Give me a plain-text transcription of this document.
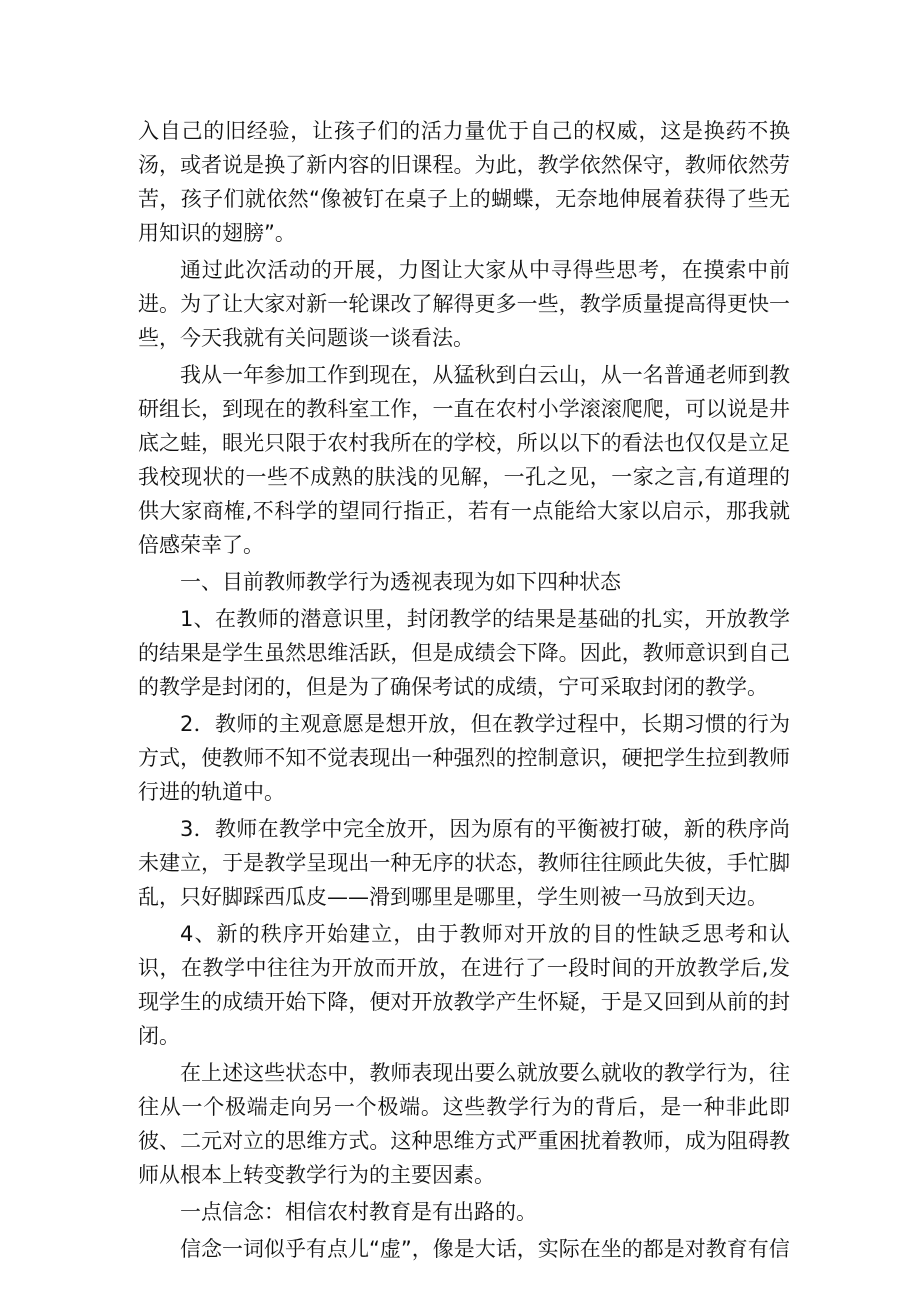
入自己的旧经验，让孩子们的活力量优于自己的权威，这是换药不换汤，或者说是换了新内容的旧课程。为此，教学依然保守，教师依然劳苦，孩子们就依然“像被钉在桌子上的蝴蝶，无奈地伸展着获得了些无用知识的翅膀”。

通过此次活动的开展，力图让大家从中寻得些思考，在摸索中前进。为了让大家对新一轮课改了解得更多一些，教学质量提高得更快一些，今天我就有关问题谈一谈看法。

我从一年参加工作到现在，从猛秋到白云山，从一名普通老师到教研组长，到现在的教科室工作，一直在农村小学滚滚爬爬，可以说是井底之蛙，眼光只限于农村我所在的学校，所以以下的看法也仅仅是立足我校现状的一些不成熟的肤浅的见解，一孔之见，一家之言,有道理的供大家商榷,不科学的望同行指正，若有一点能给大家以启示，那我就倍感荣幸了。

一、目前教师教学行为透视表现为如下四种状态

1、在教师的潜意识里，封闭教学的结果是基础的扎实，开放教学的结果是学生虽然思维活跃，但是成绩会下降。因此，教师意识到自己的教学是封闭的，但是为了确保考试的成绩，宁可采取封闭的教学。

2．教师的主观意愿是想开放，但在教学过程中，长期习惯的行为方式，使教师不知不觉表现出一种强烈的控制意识，硬把学生拉到教师行进的轨道中。

3．教师在教学中完全放开，因为原有的平衡被打破，新的秩序尚未建立，于是教学呈现出一种无序的状态，教师往往顾此失彼，手忙脚乱，只好脚踩西瓜皮——滑到哪里是哪里，学生则被一马放到天边。

4、新的秩序开始建立，由于教师对开放的目的性缺乏思考和认识，在教学中往往为开放而开放，在进行了一段时间的开放教学后,发现学生的成绩开始下降，便对开放教学产生怀疑，于是又回到从前的封闭。

在上述这些状态中，教师表现出要么就放要么就收的教学行为，往往从一个极端走向另一个极端。这些教学行为的背后，是一种非此即彼、二元对立的思维方式。这种思维方式严重困扰着教师，成为阻碍教师从根本上转变教学行为的主要因素。

一点信念：相信农村教育是有出路的。

信念一词似乎有点儿“虚”，像是大话，实际在坐的都是对教育有信
